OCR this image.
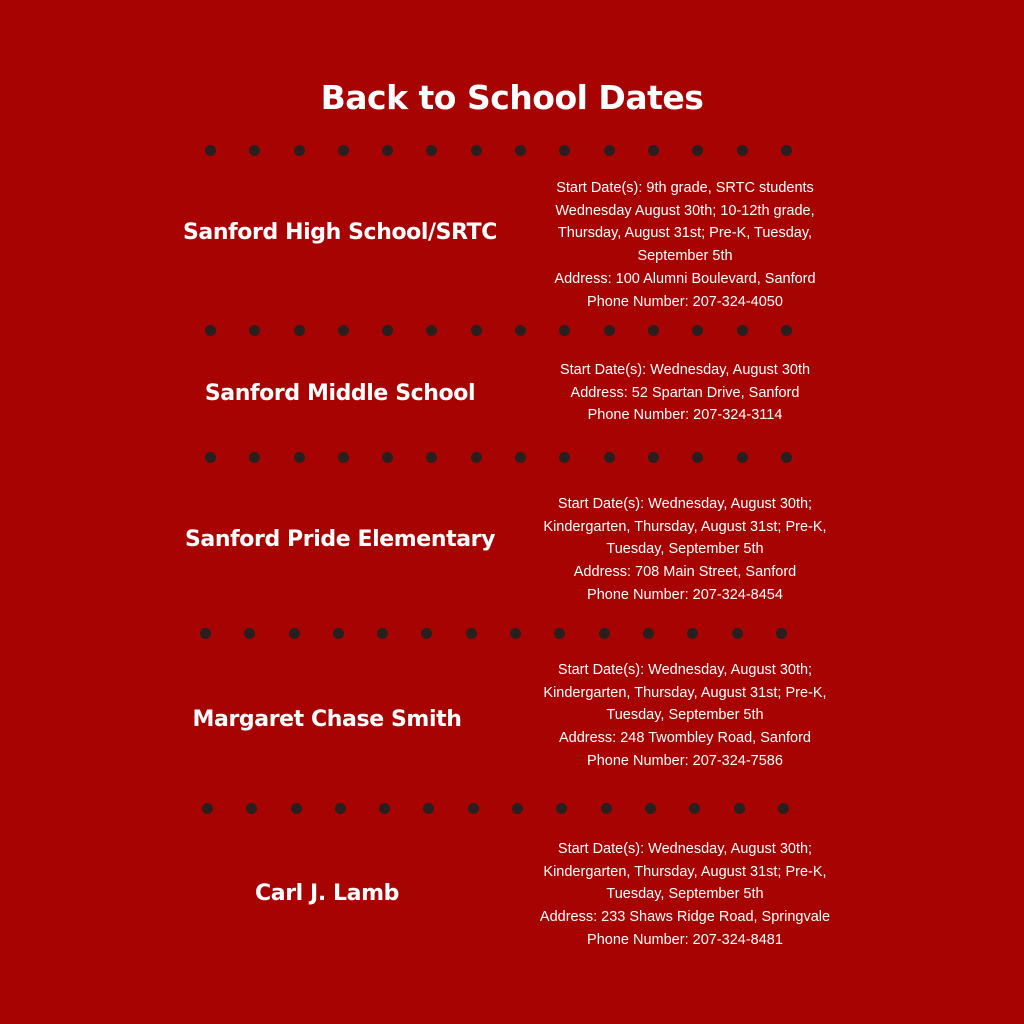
Back to School Dates
Sanford High School/SRTC
Start Date(s): 9th grade, SRTC students Wednesday August 30th; 10-12th grade, Thursday, August 31st; Pre-K, Tuesday, September 5th
Address: 100 Alumni Boulevard, Sanford
Phone Number: 207-324-4050
Sanford Middle School
Start Date(s): Wednesday, August 30th
Address: 52 Spartan Drive, Sanford
Phone Number: 207-324-3114
Sanford Pride Elementary
Start Date(s): Wednesday, August 30th; Kindergarten, Thursday, August 31st; Pre-K, Tuesday, September 5th
Address: 708 Main Street, Sanford
Phone Number: 207-324-8454
Margaret Chase Smith
Start Date(s): Wednesday, August 30th; Kindergarten, Thursday, August 31st; Pre-K, Tuesday, September 5th
Address: 248 Twombley Road, Sanford
Phone Number: 207-324-7586
Carl J. Lamb
Start Date(s): Wednesday, August 30th; Kindergarten, Thursday, August 31st; Pre-K, Tuesday, September 5th
Address: 233 Shaws Ridge Road, Springvale
Phone Number: 207-324-8481
